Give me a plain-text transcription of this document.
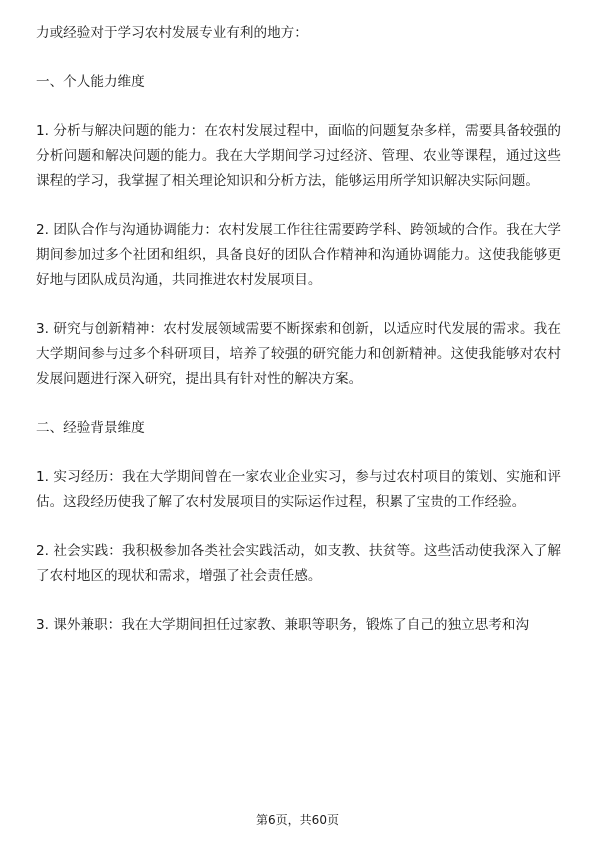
力或经验对于学习农村发展专业有利的地方：

一、个人能力维度

1. 分析与解决问题的能力：在农村发展过程中，面临的问题复杂多样，需要具备较强的分析问题和解决问题的能力。我在大学期间学习过经济、管理、农业等课程，通过这些课程的学习，我掌握了相关理论知识和分析方法，能够运用所学知识解决实际问题。

2. 团队合作与沟通协调能力：农村发展工作往往需要跨学科、跨领域的合作。我在大学期间参加过多个社团和组织，具备良好的团队合作精神和沟通协调能力。这使我能够更好地与团队成员沟通，共同推进农村发展项目。

3. 研究与创新精神：农村发展领域需要不断探索和创新，以适应时代发展的需求。我在大学期间参与过多个科研项目，培养了较强的研究能力和创新精神。这使我能够对农村发展问题进行深入研究，提出具有针对性的解决方案。

二、经验背景维度

1. 实习经历：我在大学期间曾在一家农业企业实习，参与过农村项目的策划、实施和评估。这段经历使我了解了农村发展项目的实际运作过程，积累了宝贵的工作经验。

2. 社会实践：我积极参加各类社会实践活动，如支教、扶贫等。这些活动使我深入了解了农村地区的现状和需求，增强了社会责任感。

3. 课外兼职：我在大学期间担任过家教、兼职等职务，锻炼了自己的独立思考和沟

第6页，共60页
